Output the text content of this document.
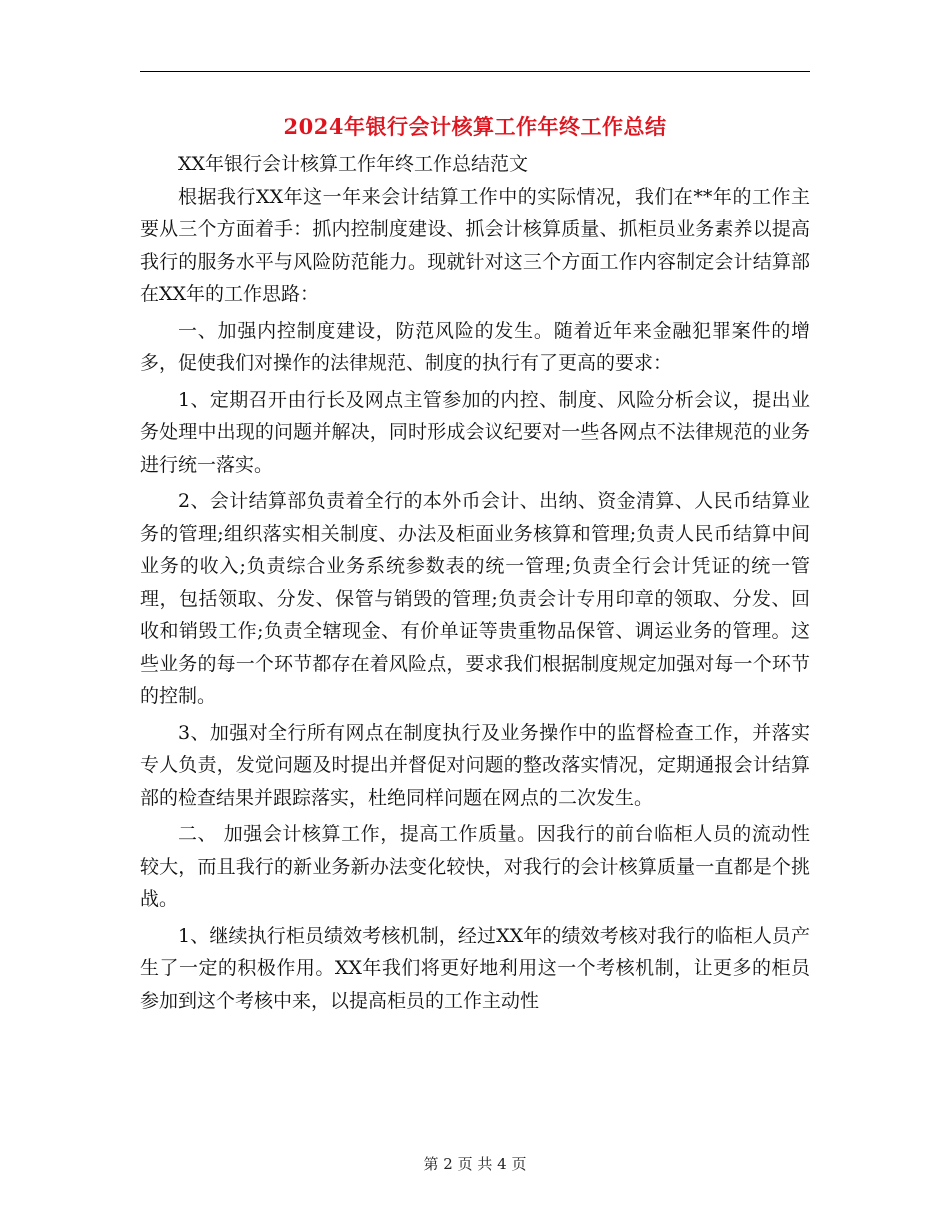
2024年银行会计核算工作年终工作总结

XX年银行会计核算工作年终工作总结范文

根据我行XX年这一年来会计结算工作中的实际情况，我们在**年的工作主要从三个方面着手：抓内控制度建设、抓会计核算质量、抓柜员业务素养以提高我行的服务水平与风险防范能力。现就针对这三个方面工作内容制定会计结算部在XX年的工作思路：

一、加强内控制度建设，防范风险的发生。随着近年来金融犯罪案件的增多，促使我们对操作的法律规范、制度的执行有了更高的要求：

1、定期召开由行长及网点主管参加的内控、制度、风险分析会议，提出业务处理中出现的问题并解决，同时形成会议纪要对一些各网点不法律规范的业务进行统一落实。

2、会计结算部负责着全行的本外币会计、出纳、资金清算、人民币结算业务的管理;组织落实相关制度、办法及柜面业务核算和管理;负责人民币结算中间业务的收入;负责综合业务系统参数表的统一管理;负责全行会计凭证的统一管理，包括领取、分发、保管与销毁的管理;负责会计专用印章的领取、分发、回收和销毁工作;负责全辖现金、有价单证等贵重物品保管、调运业务的管理。这些业务的每一个环节都存在着风险点，要求我们根据制度规定加强对每一个环节的控制。

3、加强对全行所有网点在制度执行及业务操作中的监督检查工作，并落实专人负责，发觉问题及时提出并督促对问题的整改落实情况，定期通报会计结算部的检查结果并跟踪落实，杜绝同样问题在网点的二次发生。

二、 加强会计核算工作，提高工作质量。因我行的前台临柜人员的流动性较大，而且我行的新业务新办法变化较快，对我行的会计核算质量一直都是个挑战。

1、继续执行柜员绩效考核机制，经过XX年的绩效考核对我行的临柜人员产生了一定的积极作用。XX年我们将更好地利用这一个考核机制，让更多的柜员参加到这个考核中来，以提高柜员的工作主动性

第 2 页 共 4 页
